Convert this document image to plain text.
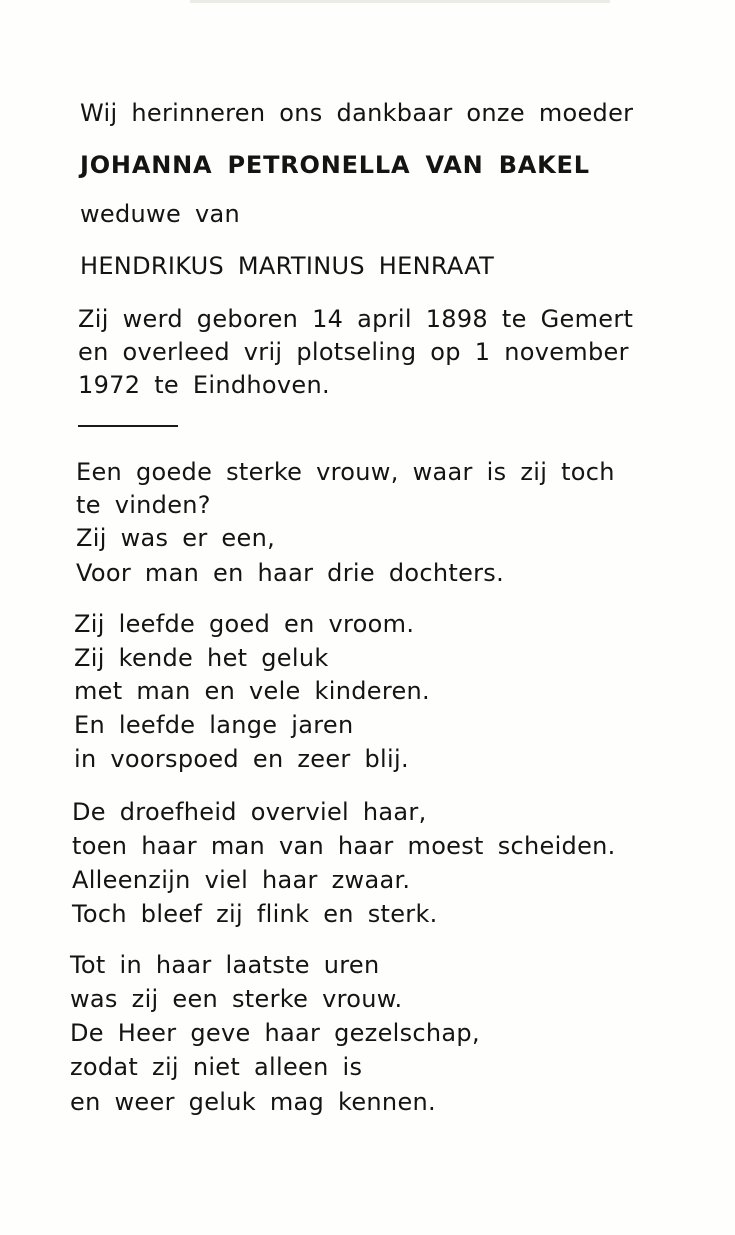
Wij herinneren ons dankbaar onze moeder
JOHANNA PETRONELLA VAN BAKEL
weduwe van
HENDRIKUS MARTINUS HENRAAT
Zij werd geboren 14 april 1898 te Gemert
en overleed vrij plotseling op 1 november
1972 te Eindhoven.
Een goede sterke vrouw, waar is zij toch
te vinden?
Zij was er een,
Voor man en haar drie dochters.
Zij leefde goed en vroom.
Zij kende het geluk
met man en vele kinderen.
En leefde lange jaren
in voorspoed en zeer blij.
De droefheid overviel haar,
toen haar man van haar moest scheiden.
Alleenzijn viel haar zwaar.
Toch bleef zij flink en sterk.
Tot in haar laatste uren
was zij een sterke vrouw.
De Heer geve haar gezelschap,
zodat zij niet alleen is
en weer geluk mag kennen.
